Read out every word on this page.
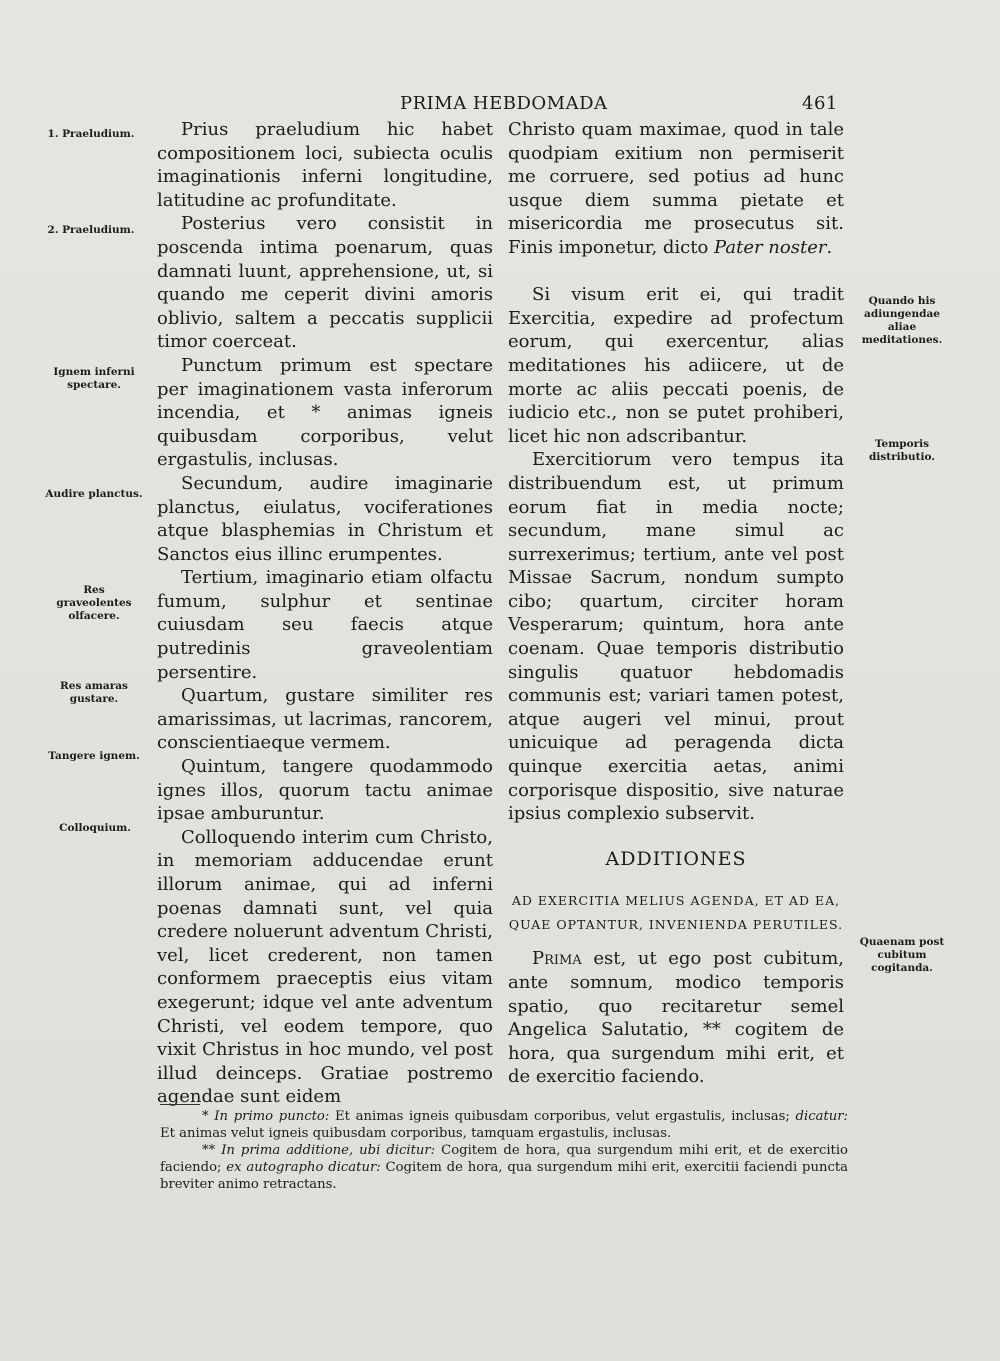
PRIMA HEBDOMADA	461
1. Praeludium.
2. Praeludium.
Ignem inferni spectare.
Audire planctus.
Res graveolentes olfacere.
Res amaras gustare.
Tangere ignem.
Colloquium.
Quando his adiungendae aliae meditationes.
Temporis distributio.
Quaenam post cubitum cogitanda.

Prius praeludium hic habet compositionem loci, subiecta oculis imaginationis inferni longitudine, latitudine ac profunditate.

Posterius vero consistit in poscenda intima poenarum, quas damnati luunt, apprehensione, ut, si quando me ceperit divini amoris oblivio, saltem a peccatis supplicii timor coerceat.

Punctum primum est spectare per imaginationem vasta inferorum incendia, et * animas igneis quibusdam corporibus, velut ergastulis, inclusas.

Secundum, audire imaginarie planctus, eiulatus, vociferationes atque blasphemias in Christum et Sanctos eius illinc erumpentes.

Tertium, imaginario etiam olfactu fumum, sulphur et sentinae cuiusdam seu faecis atque putredinis graveolentiam persentire.

Quartum, gustare similiter res amarissimas, ut lacrimas, rancorem, conscientiaeque vermem.

Quintum, tangere quodammodo ignes illos, quorum tactu animae ipsae amburuntur.

Colloquendo interim cum Christo, in memoriam adducendae erunt illorum animae, qui ad inferni poenas damnati sunt, vel quia credere noluerunt adventum Christi, vel, licet crederent, non tamen conformem praeceptis eius vitam exegerunt; idque vel ante adventum Christi, vel eodem tempore, quo vixit Christus in hoc mundo, vel post illud deinceps. Gratiae postremo agendae sunt eidem

Christo quam maximae, quod in tale quodpiam exitium non permiserit me corruere, sed potius ad hunc usque diem summa pietate et misericordia me prosecutus sit. Finis imponetur, dicto Pater noster.

Si visum erit ei, qui tradit Exercitia, expedire ad profectum eorum, qui exercentur, alias meditationes his adiicere, ut de morte ac aliis peccati poenis, de iudicio etc., non se putet prohiberi, licet hic non adscribantur.

Exercitiorum vero tempus ita distribuendum est, ut primum eorum fiat in media nocte; secundum, mane simul ac surrexerimus; tertium, ante vel post Missae Sacrum, nondum sumpto cibo; quartum, circiter horam Vesperarum; quintum, hora ante coenam. Quae temporis distributio singulis quatuor hebdomadis communis est; variari tamen potest, atque augeri vel minui, prout unicuique ad peragenda dicta quinque exercitia aetas, animi corporisque dispositio, sive naturae ipsius complexio subservit.

ADDITIONES
AD EXERCITIA MELIUS AGENDA, ET AD EA,
QUAE OPTANTUR, INVENIENDA PERUTILES.

Prima est, ut ego post cubitum, ante somnum, modico temporis spatio, quo recitaretur semel Angelica Salutatio, ** cogitem de hora, qua surgendum mihi erit, et de exercitio faciendo.

* In primo puncto: Et animas igneis quibusdam corporibus, velut ergastulis, inclusas; dicatur: Et animas velut igneis quibusdam corporibus, tamquam ergastulis, inclusas.

** In prima additione, ubi dicitur: Cogitem de hora, qua surgendum mihi erit, et de exercitio faciendo; ex autographo dicatur: Cogitem de hora, qua surgendum mihi erit, exercitii faciendi puncta breviter animo retractans.
